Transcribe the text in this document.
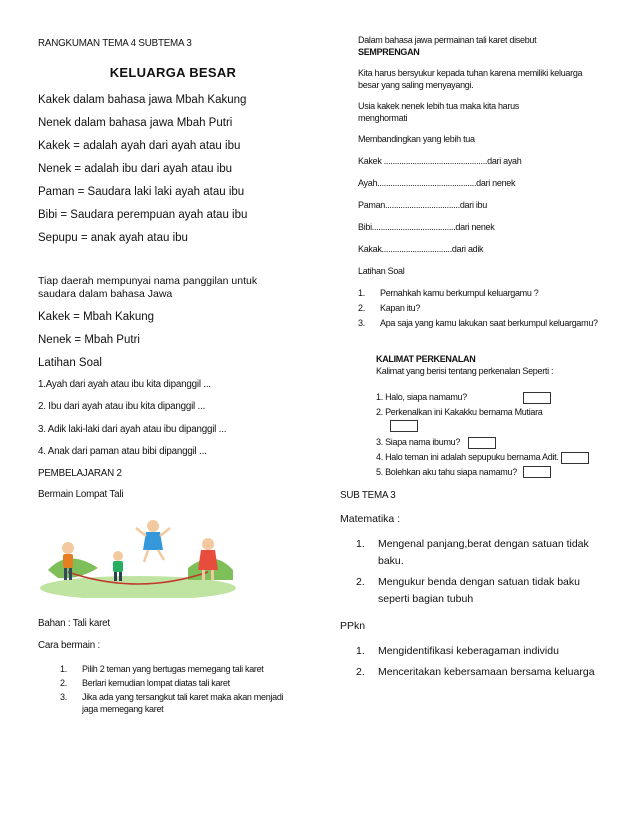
RANGKUMAN TEMA 4 SUBTEMA 3

KELUARGA BESAR

Kakek dalam bahasa jawa Mbah Kakung

Nenek dalam bahasa jawa Mbah Putri

Kakek = adalah ayah dari ayah atau ibu

Nenek = adalah ibu dari ayah atau ibu

Paman = Saudara laki laki ayah atau ibu

Bibi = Saudara perempuan ayah atau ibu

Sepupu = anak ayah atau ibu

Tiap daerah mempunyai nama panggilan untuk saudara dalam bahasa Jawa

Kakek = Mbah Kakung

Nenek = Mbah Putri

Latihan Soal

1.Ayah dari ayah atau ibu kita dipanggil ...

2. Ibu dari ayah atau ibu kita dipanggil ...

3. Adik laki-laki dari ayah atau ibu dipanggil ...

4. Anak dari paman atau bibi dipanggil ...

PEMBELAJARAN 2

Bermain Lompat Tali

Bahan : Tali karet

Cara bermain :

1. Pilih 2 teman yang bertugas memegang tali karet
2. Berlari kemudian lompat diatas tali karet
3. Jika ada yang tersangkut tali karet maka akan menjadi jaga memegang karet

Dalam bahasa jawa permainan tali karet disebut

SEMPRENGAN

Kita harus bersyukur kepada tuhan karena memiliki keluarga besar yang saling menyayangi.

Usia kakek nenek lebih tua maka kita harus menghormati

Membandingkan yang lebih tua

Kakek ...............................................dari ayah

Ayah.............................................dari nenek

Paman..................................dari ibu

Bibi......................................dari nenek

Kakak................................dari adik

Latihan Soal

1. Pernahkah kamu berkumpul keluargamu ?
2. Kapan itu?
3. Apa saja yang kamu lakukan saat berkumpul keluargamu?

KALIMAT PERKENALAN

Kalimat yang berisi tentang perkenalan Seperti :

1. Halo, siapa namamu?

2. Perkenalkan ini Kakakku bernama Mutiara

3. Siapa nama ibumu?

4. Halo teman ini adalah sepupuku bernama Adit.

5. Bolehkan aku tahu siapa namamu?

SUB TEMA 3

Matematika :

1. Mengenal panjang,berat dengan satuan tidak baku.
2. Mengukur benda dengan satuan tidak baku seperti bagian tubuh

PPkn

1. Mengidentifikasi keberagaman individu
2. Menceritakan kebersamaan bersama keluarga
